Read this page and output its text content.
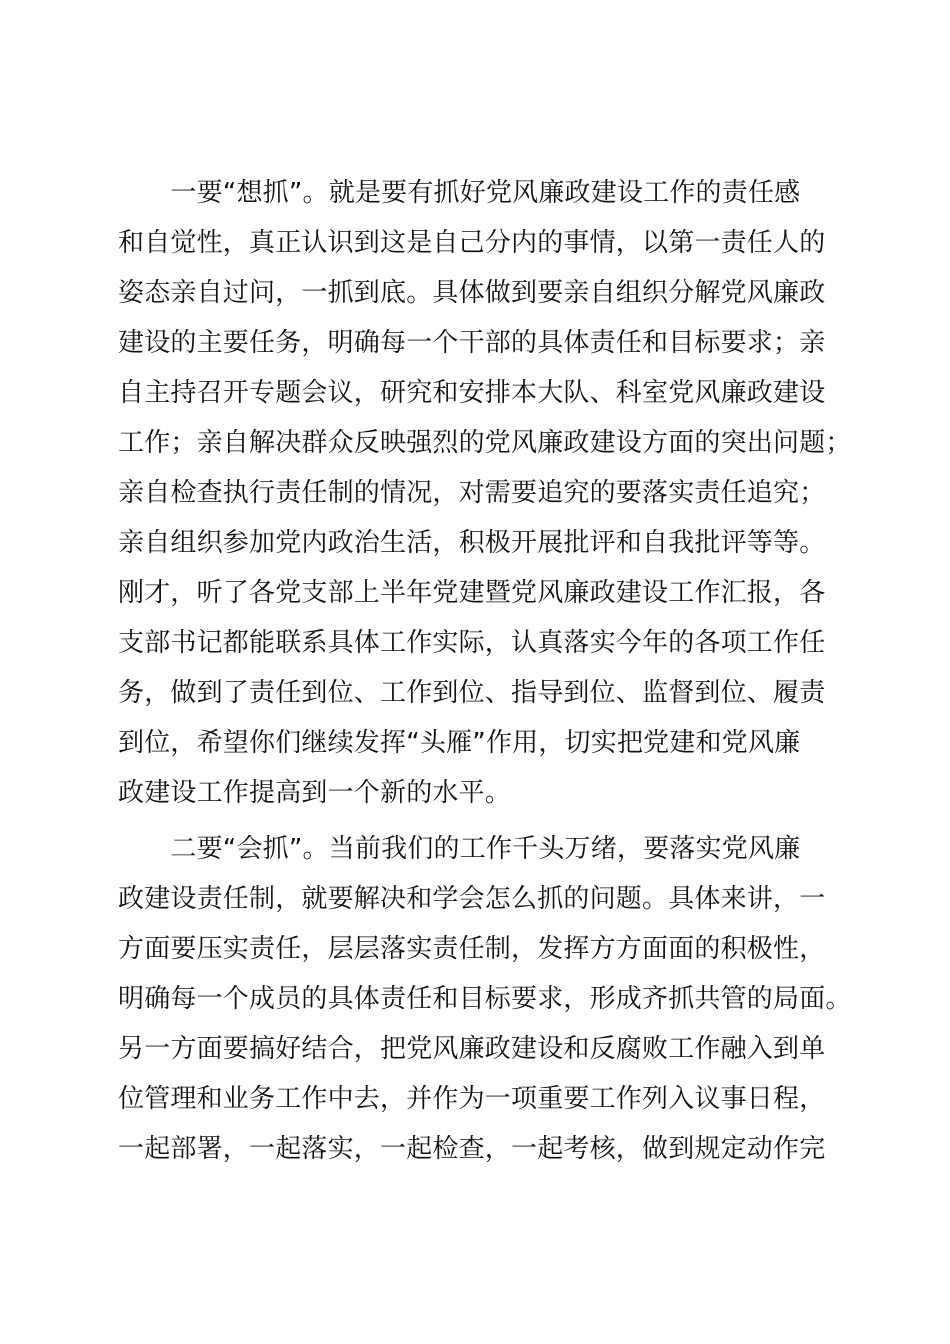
　　一要“想抓”。就是要有抓好党风廉政建设工作的责任感
和自觉性，真正认识到这是自己分内的事情，以第一责任人的
姿态亲自过问，一抓到底。具体做到要亲自组织分解党风廉政
建设的主要任务，明确每一个干部的具体责任和目标要求；亲
自主持召开专题会议，研究和安排本大队、科室党风廉政建设
工作；亲自解决群众反映强烈的党风廉政建设方面的突出问题；
亲自检查执行责任制的情况，对需要追究的要落实责任追究；
亲自组织参加党内政治生活，积极开展批评和自我批评等等。
刚才，听了各党支部上半年党建暨党风廉政建设工作汇报，各
支部书记都能联系具体工作实际，认真落实今年的各项工作任
务，做到了责任到位、工作到位、指导到位、监督到位、履责
到位，希望你们继续发挥“头雁”作用，切实把党建和党风廉
政建设工作提高到一个新的水平。
　　二要“会抓”。当前我们的工作千头万绪，要落实党风廉
政建设责任制，就要解决和学会怎么抓的问题。具体来讲，一
方面要压实责任，层层落实责任制，发挥方方面面的积极性，
明确每一个成员的具体责任和目标要求，形成齐抓共管的局面。
另一方面要搞好结合，把党风廉政建设和反腐败工作融入到单
位管理和业务工作中去，并作为一项重要工作列入议事日程，
一起部署，一起落实，一起检查，一起考核，做到规定动作完
